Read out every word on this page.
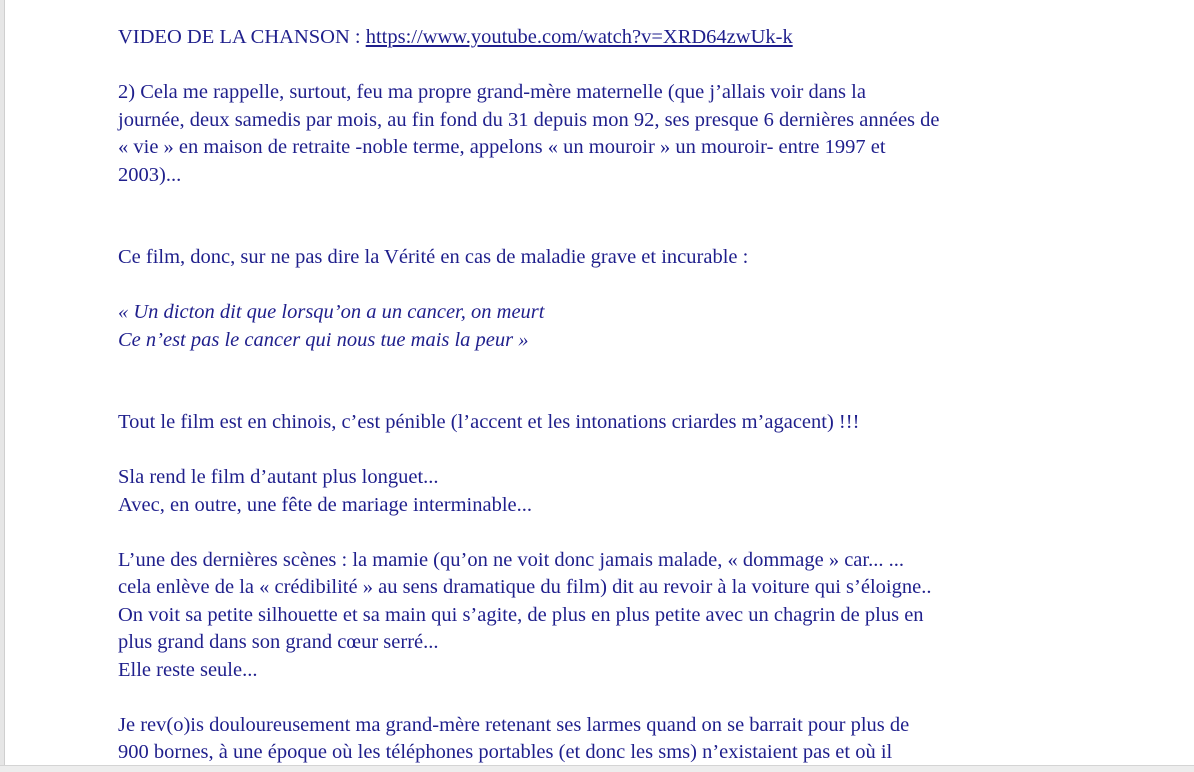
VIDEO DE LA CHANSON : https://www.youtube.com/watch?v=XRD64zwUk-k

2) Cela me rappelle, surtout, feu ma propre grand-mère maternelle (que j’allais voir dans la

journée, deux samedis par mois, au fin fond du 31 depuis mon 92, ses presque 6 dernières années de

« vie » en maison de retraite -noble terme, appelons « un mouroir » un mouroir- entre 1997 et

2003)...

Ce film, donc, sur ne pas dire la Vérité en cas de maladie grave et incurable :

« Un dicton dit que lorsqu’on a un cancer, on meurt

Ce n’est pas le cancer qui nous tue mais la peur »

Tout le film est en chinois, c’est pénible (l’accent et les intonations criardes m’agacent) !!!

Sla rend le film d’autant plus longuet...

Avec, en outre, une fête de mariage interminable...

L’une des dernières scènes : la mamie (qu’on ne voit donc jamais malade, « dommage » car... ...

cela enlève de la « crédibilité » au sens dramatique du film) dit au revoir à la voiture qui s’éloigne..

On voit sa petite silhouette et sa main qui s’agite, de plus en plus petite avec un chagrin de plus en

plus grand dans son grand cœur serré...

Elle reste seule...

Je rev(o)is douloureusement ma grand-mère retenant ses larmes quand on se barrait pour plus de

900 bornes, à une époque où les téléphones portables (et donc les sms) n’existaient pas et où il
